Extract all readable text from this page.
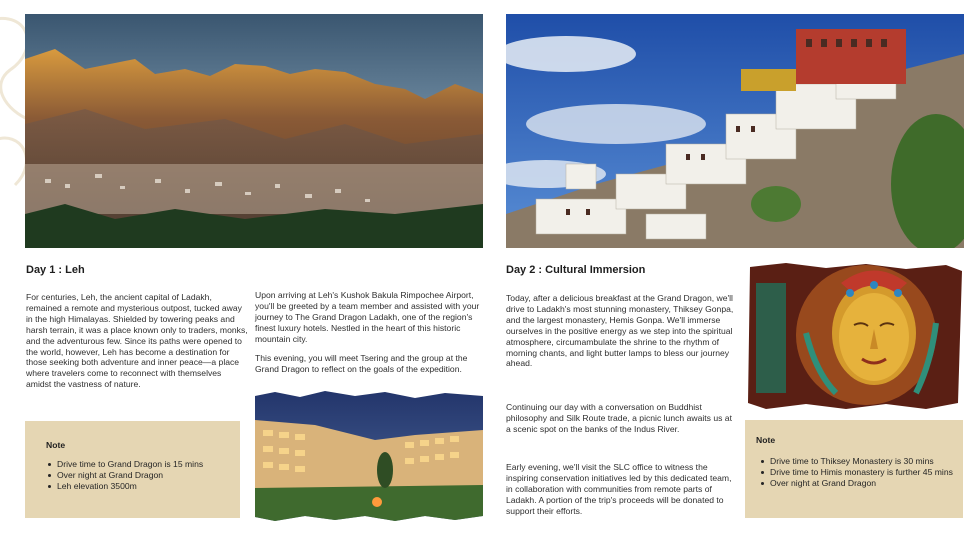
Day 1 : Leh

For centuries, Leh, the ancient capital of Ladakh, remained a remote and mysterious outpost, tucked away in the high Himalayas. Shielded by towering peaks and harsh terrain, it was a place known only to traders, monks, and the adventurous few. Since its paths were opened to the world, however, Leh has become a destination for those seeking both adventure and inner peace—a place where travelers come to reconnect with themselves amidst the vastness of nature.

Upon arriving at Leh's Kushok Bakula Rimpochee Airport, you'll be greeted by a team member and assisted with your journey to The Grand Dragon Ladakh, one of the region's finest luxury hotels. Nestled in the heart of this historic mountain city.

This evening, you will meet Tsering and the group at the Grand Dragon to reflect on the goals of the expedition.

Note
Drive time to Grand Dragon is 15 mins
Over night at Grand Dragon
Leh elevation 3500m
Day 2 : Cultural Immersion

Today, after a delicious breakfast at the Grand Dragon, we'll drive to Ladakh's most stunning monastery, Thiksey Gonpa, and the largest monastery, Hemis Gonpa. We'll immerse ourselves in the positive energy as we step into the spiritual atmosphere, circumambulate the shrine to the rhythm of morning chants, and light butter lamps to bless our journey ahead.

Continuing our day with a conversation on Buddhist philosophy and Silk Route trade, a picnic lunch awaits us at a scenic spot on the banks of the Indus River.

Early evening, we'll visit the SLC office to witness the inspiring conservation initiatives led by this dedicated team, in collaboration with communities from remote parts of Ladakh. A portion of the trip's proceeds will be donated to support their efforts.

Note
Drive time to Thiksey Monastery is 30 mins
Drive time to Himis monastery is further 45 mins
Over night at Grand Dragon
